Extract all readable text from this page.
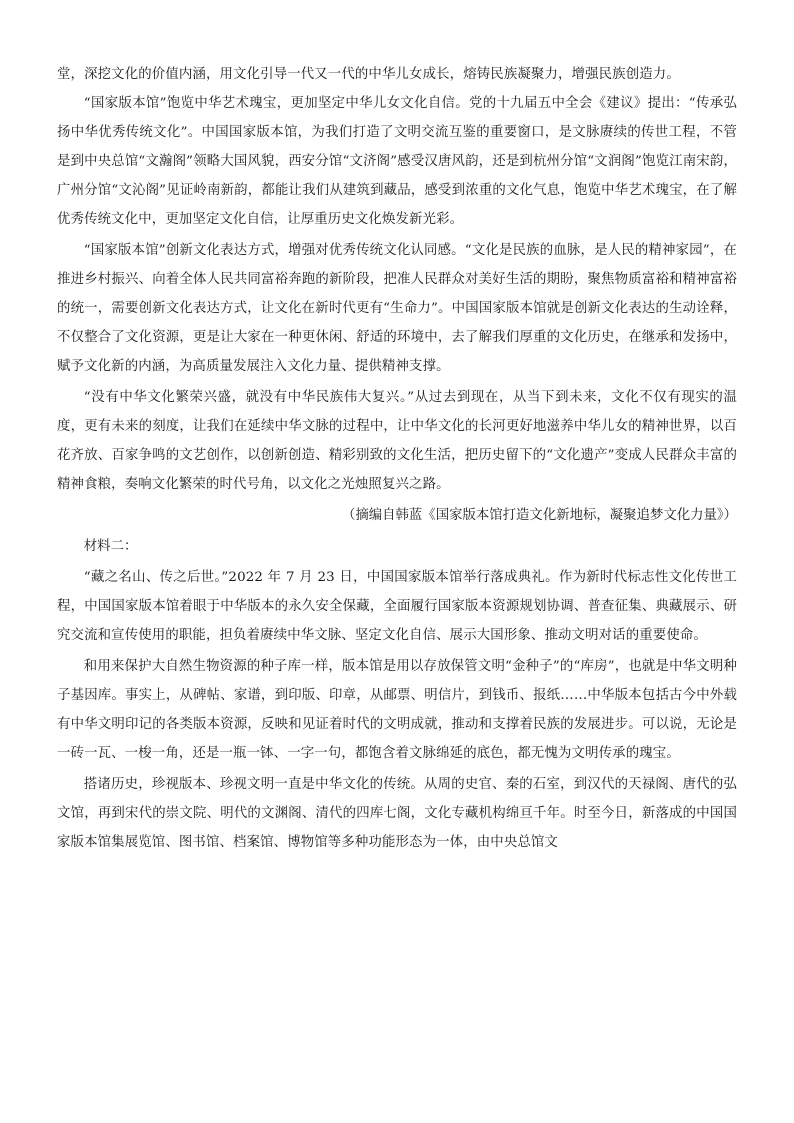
堂，深挖文化的价值内涵，用文化引导一代又一代的中华儿女成长，熔铸民族凝聚力，增强民族创造力。

“国家版本馆”饱览中华艺术瑰宝，更加坚定中华儿女文化自信。党的十九届五中全会《建议》提出：“传承弘扬中华优秀传统文化”。中国国家版本馆，为我们打造了文明交流互鉴的重要窗口，是文脉赓续的传世工程，不管是到中央总馆“文瀚阁”领略大国风貌，西安分馆“文济阁”感受汉唐风韵，还是到杭州分馆“文润阁”饱览江南宋韵，广州分馆“文沁阁”见证岭南新韵，都能让我们从建筑到藏品，感受到浓重的文化气息，饱览中华艺术瑰宝，在了解优秀传统文化中，更加坚定文化自信，让厚重历史文化焕发新光彩。

“国家版本馆”创新文化表达方式，增强对优秀传统文化认同感。“文化是民族的血脉，是人民的精神家园”，在推进乡村振兴、向着全体人民共同富裕奔跑的新阶段，把准人民群众对美好生活的期盼，聚焦物质富裕和精神富裕的统一，需要创新文化表达方式，让文化在新时代更有“生命力”。中国国家版本馆就是创新文化表达的生动诠释，不仅整合了文化资源，更是让大家在一种更休闲、舒适的环境中，去了解我们厚重的文化历史，在继承和发扬中，赋予文化新的内涵，为高质量发展注入文化力量、提供精神支撑。

“没有中华文化繁荣兴盛，就没有中华民族伟大复兴。”从过去到现在，从当下到未来，文化不仅有现实的温度，更有未来的刻度，让我们在延续中华文脉的过程中，让中华文化的长河更好地滋养中华儿女的精神世界，以百花齐放、百家争鸣的文艺创作，以创新创造、精彩别致的文化生活，把历史留下的“文化遗产”变成人民群众丰富的精神食粮，奏响文化繁荣的时代号角，以文化之光烛照复兴之路。

（摘编自韩蓝《国家版本馆打造文化新地标，凝聚追梦文化力量》）

材料二：

“藏之名山、传之后世。”2022 年 7 月 23 日，中国国家版本馆举行落成典礼。作为新时代标志性文化传世工程，中国国家版本馆着眼于中华版本的永久安全保藏，全面履行国家版本资源规划协调、普查征集、典藏展示、研究交流和宣传使用的职能，担负着赓续中华文脉、坚定文化自信、展示大国形象、推动文明对话的重要使命。

和用来保护大自然生物资源的种子库一样，版本馆是用以存放保管文明“金种子”的“库房”，也就是中华文明种子基因库。事实上，从碑帖、家谱，到印版、印章，从邮票、明信片，到钱币、报纸……中华版本包括古今中外载有中华文明印记的各类版本资源，反映和见证着时代的文明成就，推动和支撑着民族的发展进步。可以说，无论是一砖一瓦、一梭一角，还是一瓶一钵、一字一句，都饱含着文脉绵延的底色，都无愧为文明传承的瑰宝。

搭诸历史，珍视版本、珍视文明一直是中华文化的传统。从周的史官、秦的石室，到汉代的天禄阁、唐代的弘文馆，再到宋代的崇文院、明代的文渊阁、清代的四库七阁，文化专藏机构绵亘千年。时至今日，新落成的中国国家版本馆集展览馆、图书馆、档案馆、博物馆等多种功能形态为一体，由中央总馆文
